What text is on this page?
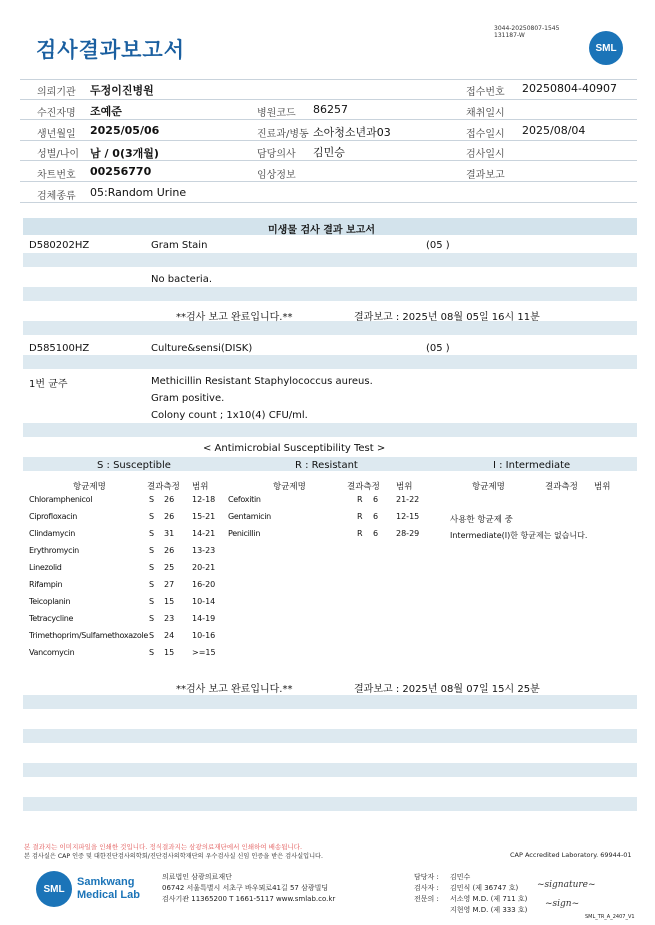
검사결과보고서
3044-20250807-1545
131187-W
SML
의뢰기관 두정이진병원	접수번호 20250804-40907
수진자명 조예준	병원코드 86257	채취일시
생년월일 2025/05/06	진료과/병동 소아청소년과03	접수일시 2025/08/04
성별/나이 남 / 0(3개월)	담당의사 김민승	검사일시
차트번호 00256770	임상정보	결과보고
검체종류 05:Random Urine
미생물 검사 결과 보고서
D580202HZ	Gram Stain	(05 )
No bacteria.
**검사 보고 완료입니다.**	결과보고 : 2025년 08월 05일 16시 11분
D585100HZ	Culture&sensi(DISK)	(05 )
1번 균주	Methicillin Resistant Staphylococcus aureus.
Gram positive.
Colony count ; 1x10(4) CFU/ml.
< Antimicrobial Susceptibility Test >
S : Susceptible	R : Resistant	I : Intermediate
항균제명	결과측정 범위	항균제명	결과측정 범위	항균제명	결과측정 범위
Chloramphenicol	S 26 12-18
Ciprofloxacin	S 26 15-21
Clindamycin	S 31 14-21
Erythromycin	S 26 13-23
Linezolid	S 25 20-21
Rifampin	S 27 16-20
Teicoplanin	S 15 10-14
Tetracycline	S 23 14-19
Trimethoprim/Sulfamethoxazole S 24 10-16
Vancomycin	S 15 >=15
Cefoxitin	R 6 21-22
Gentamicin	R 6 12-15
Penicillin	R 6 28-29
사용한 항균제 중
Intermediate(I)한 항균제는 없습니다.
**검사 보고 완료입니다.**	결과보고 : 2025년 08월 07일 15시 25분
본 결과지는 이미지파일을 인쇄한 것입니다. 정식결과지는 삼광의료재단에서 인쇄하여 배송됩니다.
본 검사실은 CAP 인증 및 대한진단검사의학회/진단검사의학재단의 우수검사실 신임 인증을 받은 검사실입니다.	CAP Accredited Laboratory. 69944-01
SML
Samkwang
Medical Lab
의료법인 삼광의료재단
06742 서울특별시 서초구 바우뫼로41길 57 삼광빌딩
검사기관 11365200 T 1661-5117 www.smlab.co.kr
담당자 : 김민수
검사자 : 김민식 (제 36747 호) ~signature~
전문의 : 서소영 M.D. (제 711 호)
지현영 M.D. (제 333 호)
~sign~
SML_TR_A_2407_V1
